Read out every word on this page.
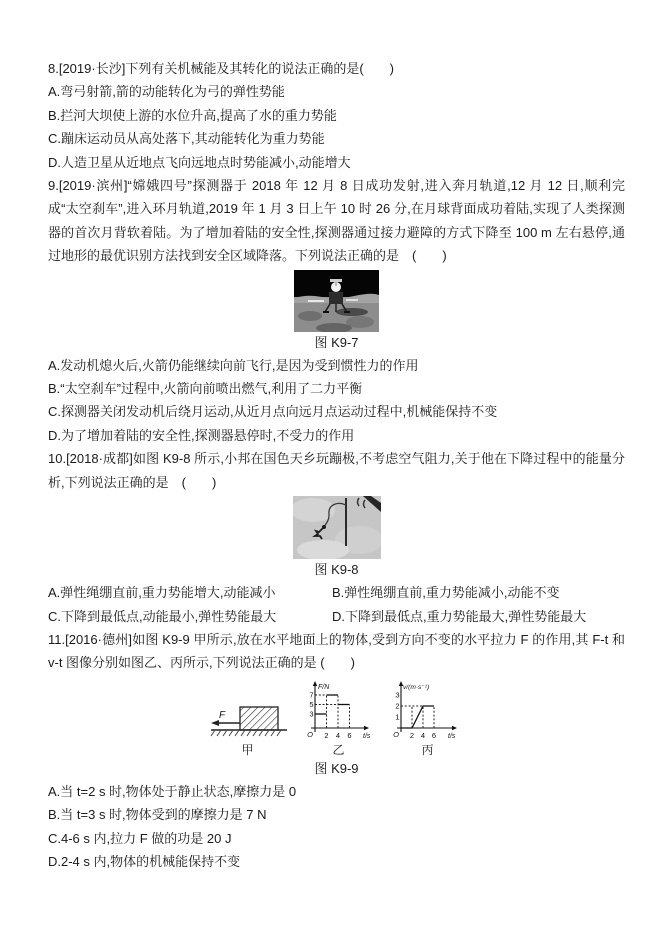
8.[2019·长沙]下列有关机械能及其转化的说法正确的是(　　)

A.弯弓射箭,箭的动能转化为弓的弹性势能

B.拦河大坝使上游的水位升高,提高了水的重力势能

C.蹦床运动员从高处落下,其动能转化为重力势能

D.人造卫星从近地点飞向远地点时势能减小,动能增大

9.[2019·滨州]“嫦娥四号”探测器于 2018 年 12 月 8 日成功发射,进入奔月轨道,12 月 12 日,顺利完成“太空刹车”,进入环月轨道,2019 年 1 月 3 日上午 10 时 26 分,在月球背面成功着陆,实现了人类探测器的首次月背软着陆。为了增加着陆的安全性,探测器通过接力避障的方式下降至 100 m 左右悬停,通过地形的最优识别方法找到安全区域降落。下列说法正确的是　(　　)

图 K9-7

A.发动机熄火后,火箭仍能继续向前飞行,是因为受到惯性力的作用

B.“太空刹车”过程中,火箭向前喷出燃气,利用了二力平衡

C.探测器关闭发动机后绕月运动,从近月点向远月点运动过程中,机械能保持不变

D.为了增加着陆的安全性,探测器悬停时,不受力的作用

10.[2018·成都]如图 K9-8 所示,小邦在国色天乡玩蹦极,不考虑空气阻力,关于他在下降过程中的能量分析,下列说法正确的是　(　　)

图 K9-8

A.弹性绳绷直前,重力势能增大,动能减小	B.弹性绳绷直前,重力势能减小,动能不变

C.下降到最低点,动能最小,弹性势能最大	D.下降到最低点,重力势能最大,弹性势能最大

11.[2016·德州]如图 K9-9 甲所示,放在水平地面上的物体,受到方向不变的水平拉力 F 的作用,其 F-t 和 v-t 图像分别如图乙、丙所示,下列说法正确的是 (　　)

F
甲
F/N
7
5
3
O 2 4 6 t/s
乙
v/(m·s⁻¹)
3
2
1
O 2 4 6 t/s
丙
图 K9-9

A.当 t=2 s 时,物体处于静止状态,摩擦力是 0

B.当 t=3 s 时,物体受到的摩擦力是 7 N

C.4-6 s 内,拉力 F 做的功是 20 J

D.2-4 s 内,物体的机械能保持不变
